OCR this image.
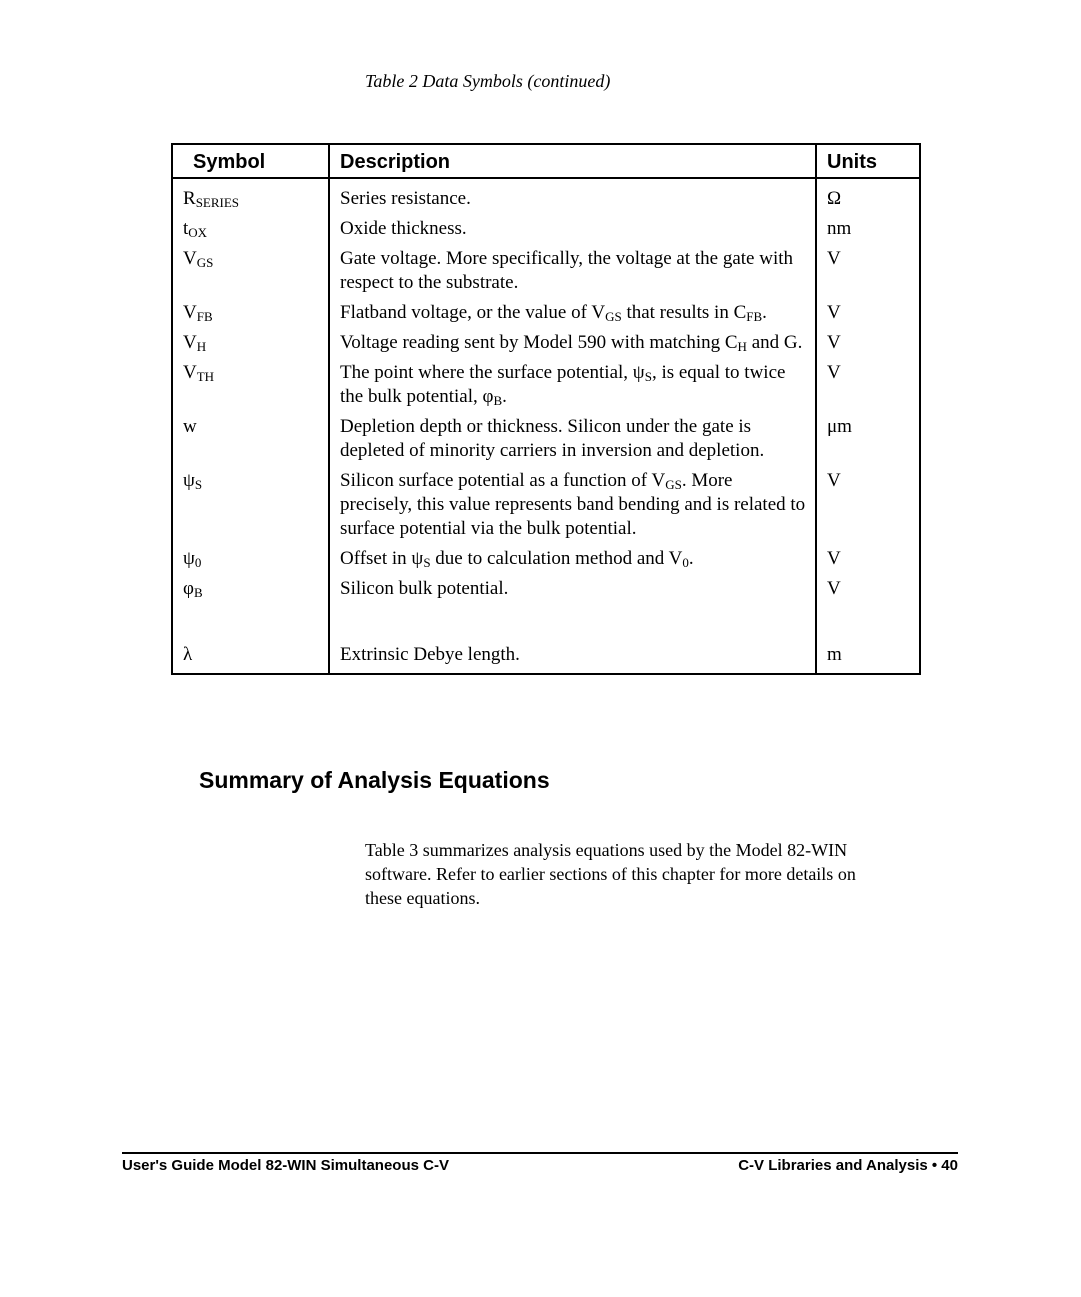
Table 2 Data Symbols (continued)
Symbol	Description	Units
$R_{SERIES}$	Series resistance.	Ω
$t_{OX}$	Oxide thickness.	nm
$V_{GS}$	Gate voltage. More specifically, the voltage at the gate with respect to the substrate.	V
$V_{FB}$	Flatband voltage, or the value of $V_{GS}$ that results in $C_{FB}$.	V
$V_H$	Voltage reading sent by Model 590 with matching $C_H$ and G.	V
$V_{TH}$	The point where the surface potential, $\psi_S$, is equal to twice the bulk potential, $\varphi_B$.	V
w	Depletion depth or thickness. Silicon under the gate is depleted of minority carriers in inversion and depletion.	μm
$\psi_S$	Silicon surface potential as a function of $V_{GS}$. More precisely, this value represents band bending and is related to surface potential via the bulk potential.	V
$\psi_0$	Offset in $\psi_S$ due to calculation method and $V_0$.	V
$\varphi_B$	Silicon bulk potential.	V
λ	Extrinsic Debye length.	m
Summary of Analysis Equations

Table 3 summarizes analysis equations used by the Model 82-WIN software. Refer to earlier sections of this chapter for more details on these equations.

User's Guide Model 82-WIN Simultaneous C-V	C-V Libraries and Analysis • 40
